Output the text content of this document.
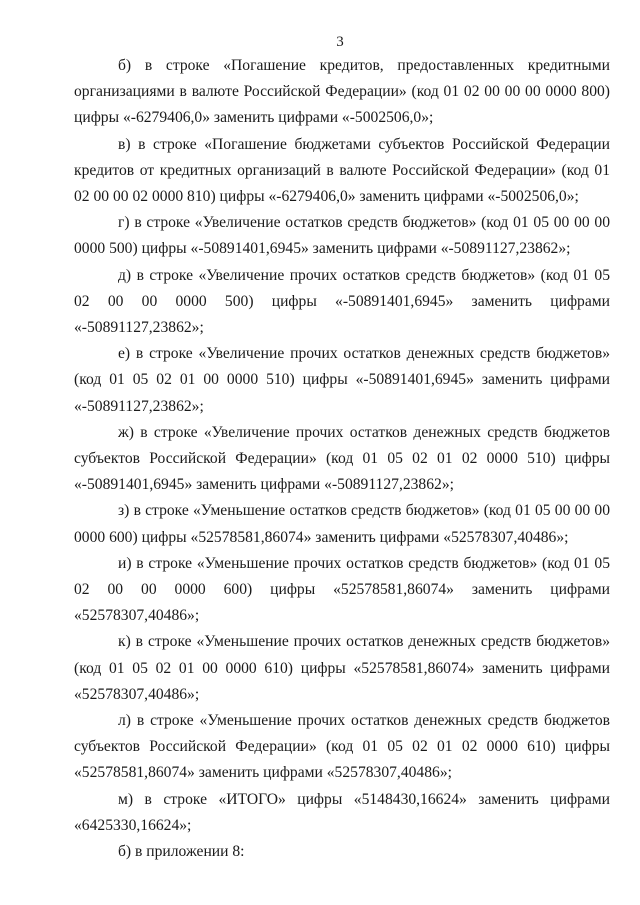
3

б) в строке «Погашение кредитов, предоставленных кредитными организациями в валюте Российской Федерации» (код 01 02 00 00 00 0000 800) цифры «-6279406,0» заменить цифрами «-5002506,0»;

в) в строке «Погашение бюджетами субъектов Российской Федерации кредитов от кредитных организаций в валюте Российской Федерации» (код 01 02 00 00 02 0000 810) цифры «-6279406,0» заменить цифрами «-5002506,0»;

г) в строке «Увеличение остатков средств бюджетов» (код 01 05 00 00 00 0000 500) цифры «-50891401,6945» заменить цифрами «-50891127,23862»;

д) в строке «Увеличение прочих остатков средств бюджетов» (код 01 05 02 00 00 0000 500) цифры «-50891401,6945» заменить цифрами «-50891127,23862»;

е) в строке «Увеличение прочих остатков денежных средств бюджетов» (код 01 05 02 01 00 0000 510) цифры «-50891401,6945» заменить цифрами «-50891127,23862»;

ж) в строке «Увеличение прочих остатков денежных средств бюджетов субъектов Российской Федерации» (код 01 05 02 01 02 0000 510) цифры «-50891401,6945» заменить цифрами «-50891127,23862»;

з) в строке «Уменьшение остатков средств бюджетов» (код 01 05 00 00 00 0000 600) цифры «52578581,86074» заменить цифрами «52578307,40486»;

и) в строке «Уменьшение прочих остатков средств бюджетов» (код 01 05 02 00 00 0000 600) цифры «52578581,86074» заменить цифрами «52578307,40486»;

к) в строке «Уменьшение прочих остатков денежных средств бюджетов» (код 01 05 02 01 00 0000 610) цифры «52578581,86074» заменить цифрами «52578307,40486»;

л) в строке «Уменьшение прочих остатков денежных средств бюджетов субъектов Российской Федерации» (код 01 05 02 01 02 0000 610) цифры «52578581,86074» заменить цифрами «52578307,40486»;

м) в строке «ИТОГО» цифры «5148430,16624» заменить цифрами «6425330,16624»;

б) в приложении 8:
